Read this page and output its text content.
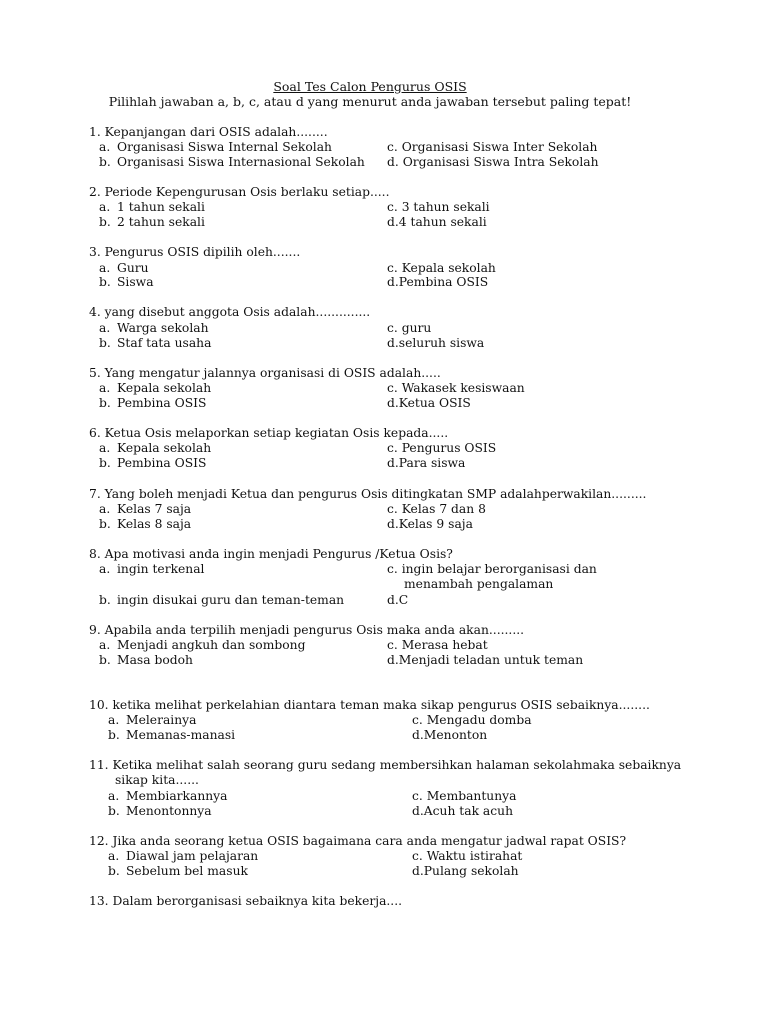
Soal Tes Calon Pengurus OSIS
Pilihlah jawaban a, b, c, atau d yang menurut anda jawaban tersebut paling tepat!
1. Kepanjangan dari OSIS adalah........
a. Organisasi Siswa Internal Sekolah
b. Organisasi Siswa Internasional Sekolah
c. Organisasi Siswa Inter Sekolah
d. Organisasi Siswa Intra Sekolah
2. Periode Kepengurusan Osis berlaku setiap.....
a. 1 tahun sekali
b. 2 tahun sekali
c. 3 tahun sekali
d.4 tahun sekali
3. Pengurus OSIS dipilih oleh.......
a. Guru
b. Siswa
c. Kepala sekolah
d.Pembina OSIS
4. yang disebut anggota Osis adalah..............
a. Warga sekolah
b. Staf tata usaha
c. guru
d.seluruh siswa
5. Yang mengatur jalannya organisasi di OSIS adalah.....
a. Kepala sekolah
b. Pembina OSIS
c. Wakasek kesiswaan
d.Ketua OSIS
6. Ketua Osis melaporkan setiap kegiatan Osis kepada.....
a. Kepala sekolah
b. Pembina OSIS
c. Pengurus OSIS
d.Para siswa
7. Yang boleh menjadi Ketua dan pengurus Osis ditingkatan SMP adalahperwakilan.........
a. Kelas 7 saja
b. Kelas 8 saja
c. Kelas 7 dan 8
d.Kelas 9 saja
8. Apa motivasi anda ingin menjadi Pengurus /Ketua Osis?
a. ingin terkenal	c. ingin belajar berorganisasi dan
menambah pengalaman
b. ingin disukai guru dan teman-teman	d.C
9. Apabila anda terpilih menjadi pengurus Osis maka anda akan.........
a. Menjadi angkuh dan sombong
b. Masa bodoh
c. Merasa hebat
d.Menjadi teladan untuk teman
10. ketika melihat perkelahian diantara teman maka sikap pengurus OSIS sebaiknya........
a. Melerainya
b. Memanas-manasi
c. Mengadu domba
d.Menonton
11. Ketika melihat salah seorang guru sedang membersihkan halaman sekolahmaka sebaiknya
sikap kita......
a. Membiarkannya
b. Menontonnya
c. Membantunya
d.Acuh tak acuh
12. Jika anda seorang ketua OSIS bagaimana cara anda mengatur jadwal rapat OSIS?
a. Diawal jam pelajaran
b. Sebelum bel masuk
c. Waktu istirahat
d.Pulang sekolah
13. Dalam berorganisasi sebaiknya kita bekerja....
